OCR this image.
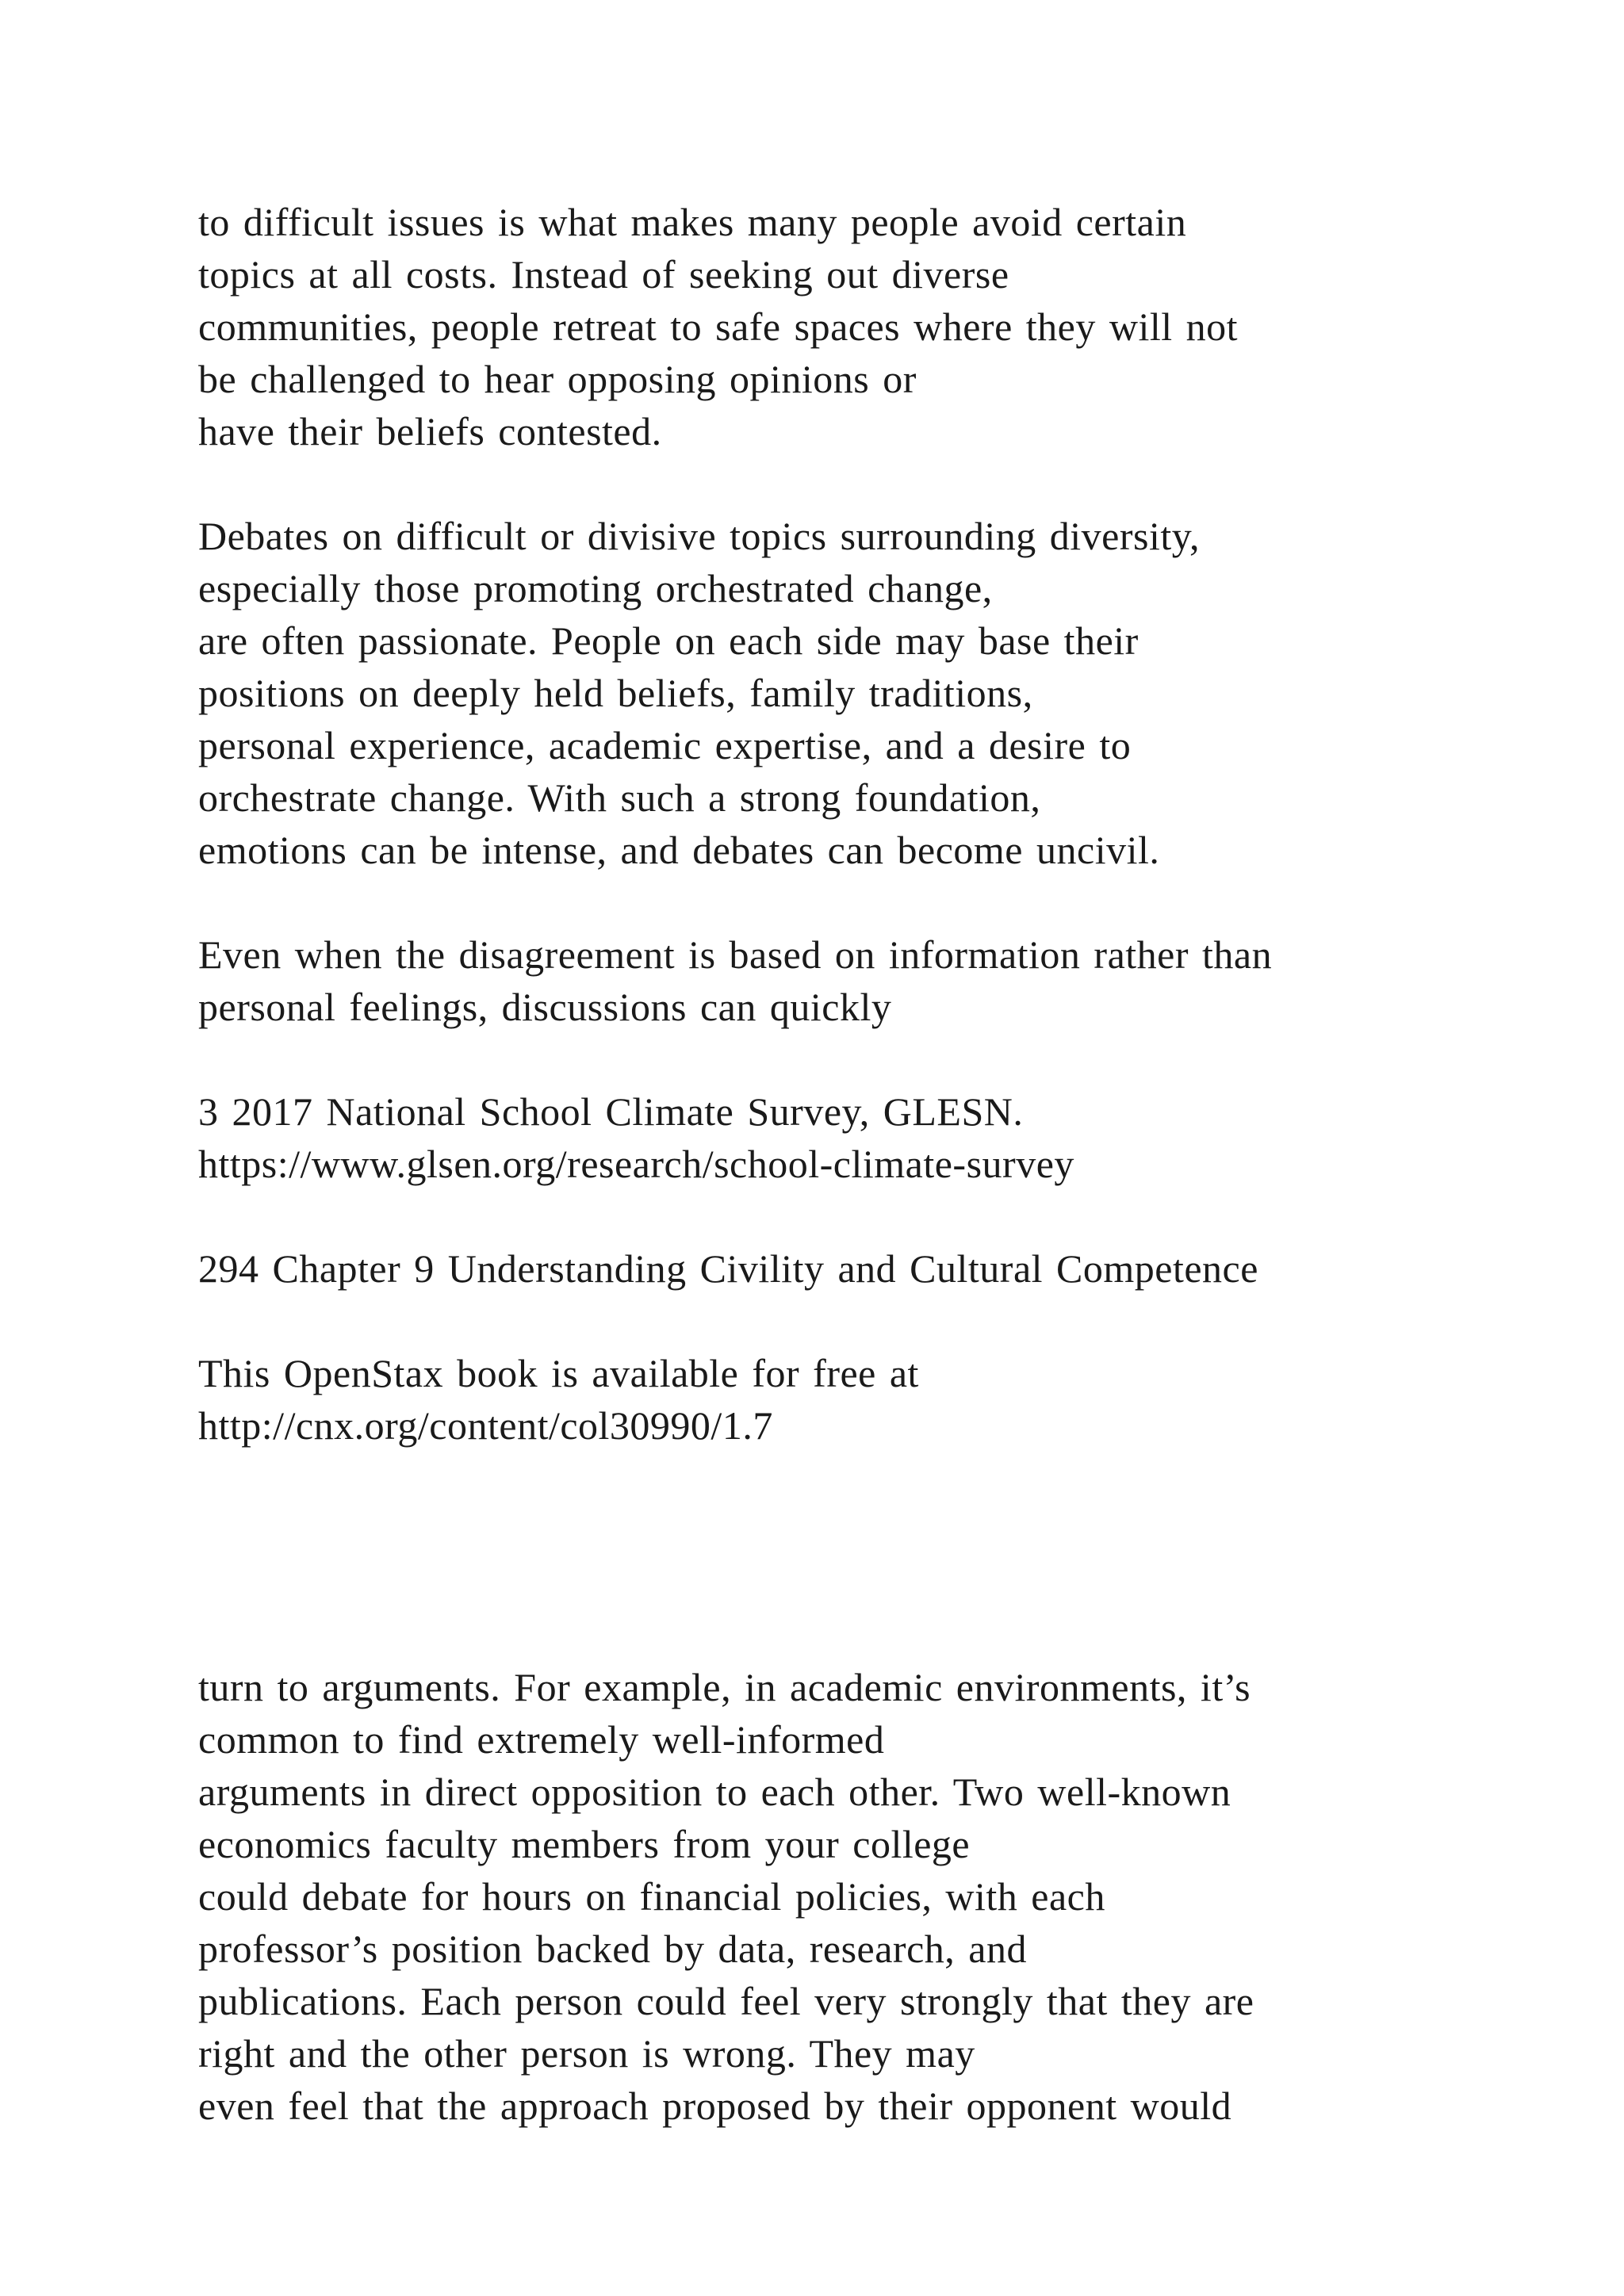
to difficult issues is what makes many people avoid certain
topics at all costs. Instead of seeking out diverse
communities, people retreat to safe spaces where they will not
be challenged to hear opposing opinions or
have their beliefs contested.
Debates on difficult or divisive topics surrounding diversity,
especially those promoting orchestrated change,
are often passionate. People on each side may base their
positions on deeply held beliefs, family traditions,
personal experience, academic expertise, and a desire to
orchestrate change. With such a strong foundation,
emotions can be intense, and debates can become uncivil.
Even when the disagreement is based on information rather than
personal feelings, discussions can quickly
3 2017 National School Climate Survey, GLESN.
https://www.glsen.org/research/school-climate-survey
294 Chapter 9 Understanding Civility and Cultural Competence
This OpenStax book is available for free at
http://cnx.org/content/col30990/1.7
turn to arguments. For example, in academic environments, it’s
common to find extremely well-informed
arguments in direct opposition to each other. Two well-known
economics faculty members from your college
could debate for hours on financial policies, with each
professor’s position backed by data, research, and
publications. Each person could feel very strongly that they are
right and the other person is wrong. They may
even feel that the approach proposed by their opponent would
